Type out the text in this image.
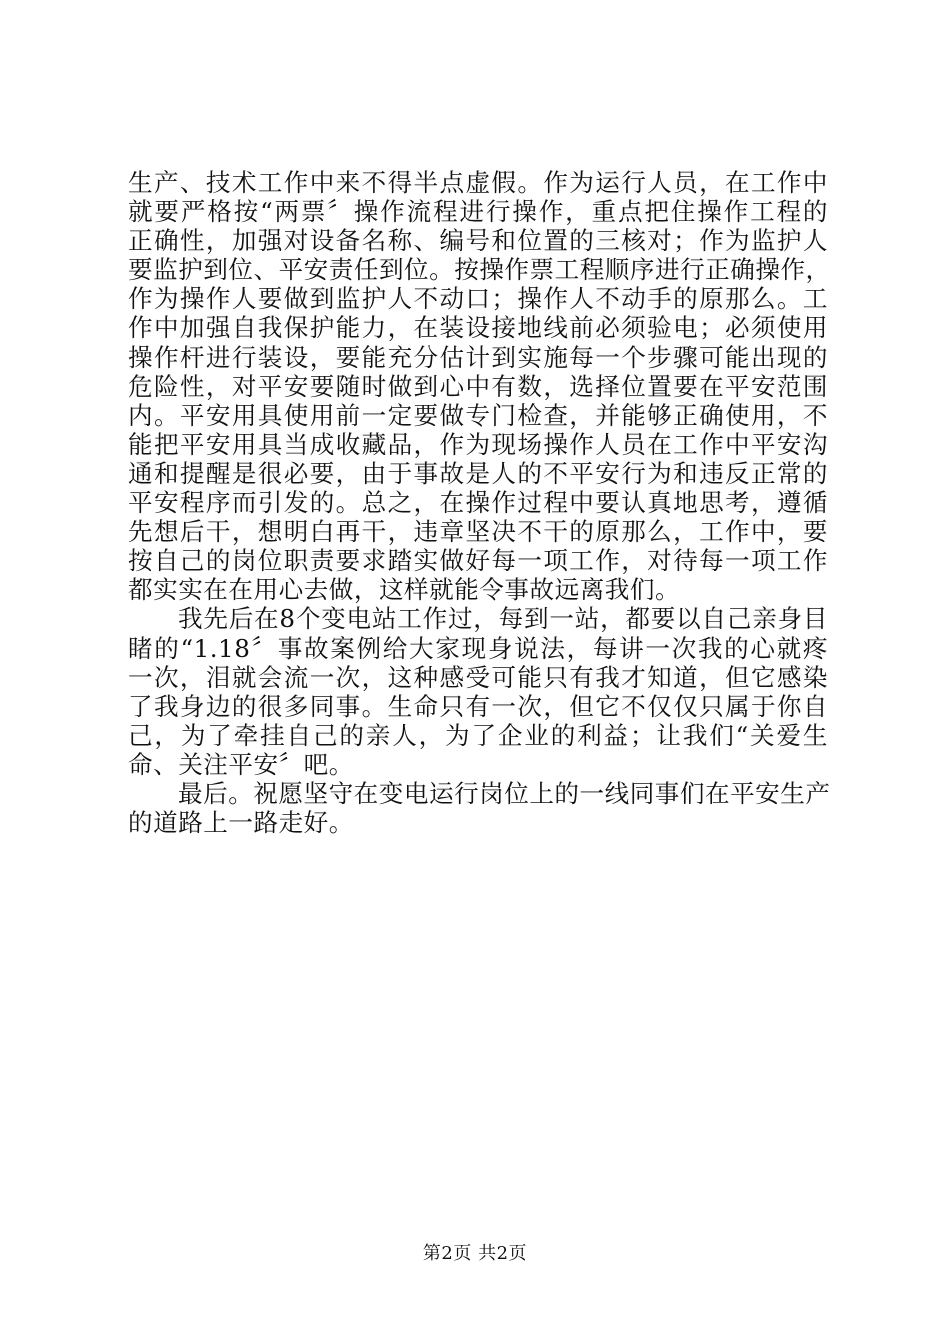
生产、技术工作中来不得半点虚假。作为运行人员，在工作中
就要严格按“两票〞操作流程进行操作，重点把住操作工程的
正确性，加强对设备名称、编号和位置的三核对；作为监护人
要监护到位、平安责任到位。按操作票工程顺序进行正确操作，
作为操作人要做到监护人不动口；操作人不动手的原那么。工
作中加强自我保护能力，在装设接地线前必须验电；必须使用
操作杆进行装设，要能充分估计到实施每一个步骤可能出现的
危险性，对平安要随时做到心中有数，选择位置要在平安范围
内。平安用具使用前一定要做专门检查，并能够正确使用，不
能把平安用具当成收藏品，作为现场操作人员在工作中平安沟
通和提醒是很必要，由于事故是人的不平安行为和违反正常的
平安程序而引发的。总之，在操作过程中要认真地思考，遵循
先想后干，想明白再干，违章坚决不干的原那么，工作中，要
按自己的岗位职责要求踏实做好每一项工作，对待每一项工作
都实实在在用心去做，这样就能令事故远离我们。
我先后在8个变电站工作过，每到一站，都要以自己亲身目
睹的“1.18〞事故案例给大家现身说法，每讲一次我的心就疼
一次，泪就会流一次，这种感受可能只有我才知道，但它感染
了我身边的很多同事。生命只有一次，但它不仅仅只属于你自
己，为了牵挂自己的亲人，为了企业的利益；让我们“关爱生
命、关注平安〞吧。
最后。祝愿坚守在变电运行岗位上的一线同事们在平安生产
的道路上一路走好。
第2页 共2页
